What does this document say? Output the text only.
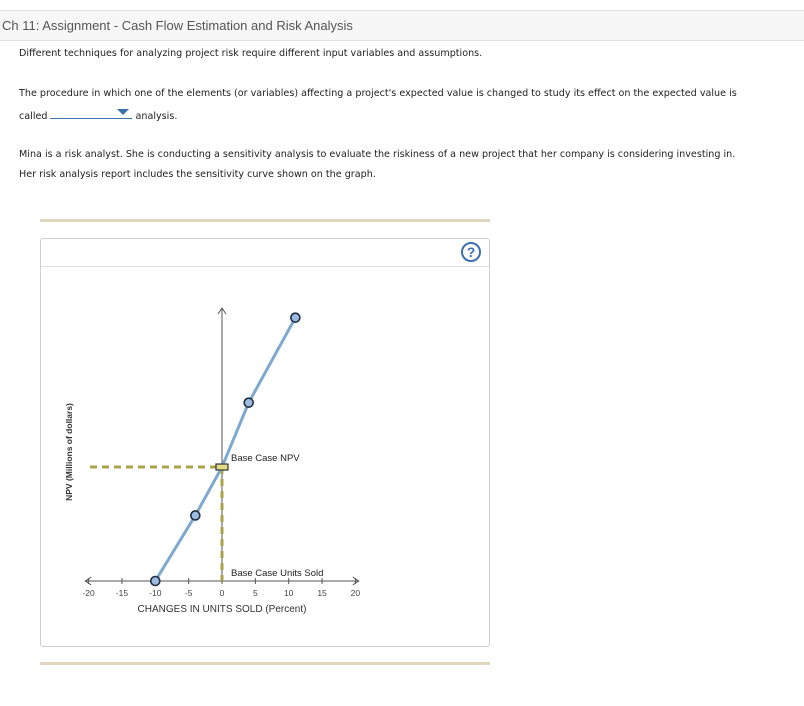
Ch 11: Assignment - Cash Flow Estimation and Risk Analysis
Different techniques for analyzing project risk require different input variables and assumptions.
The procedure in which one of the elements (or variables) affecting a project's expected value is changed to study its effect on the expected value is
called	analysis.
Mina is a risk analyst. She is conducting a sensitivity analysis to evaluate the riskiness of a new project that her company is considering investing in.
Her risk analysis report includes the sensitivity curve shown on the graph.
?
-20 -15 -10	-5	0	5	10	15	20
CHANGES IN UNITS SOLD (Percent)
NPV (Millions of dollars)	Base Case NPV
Base Case Units Sold
